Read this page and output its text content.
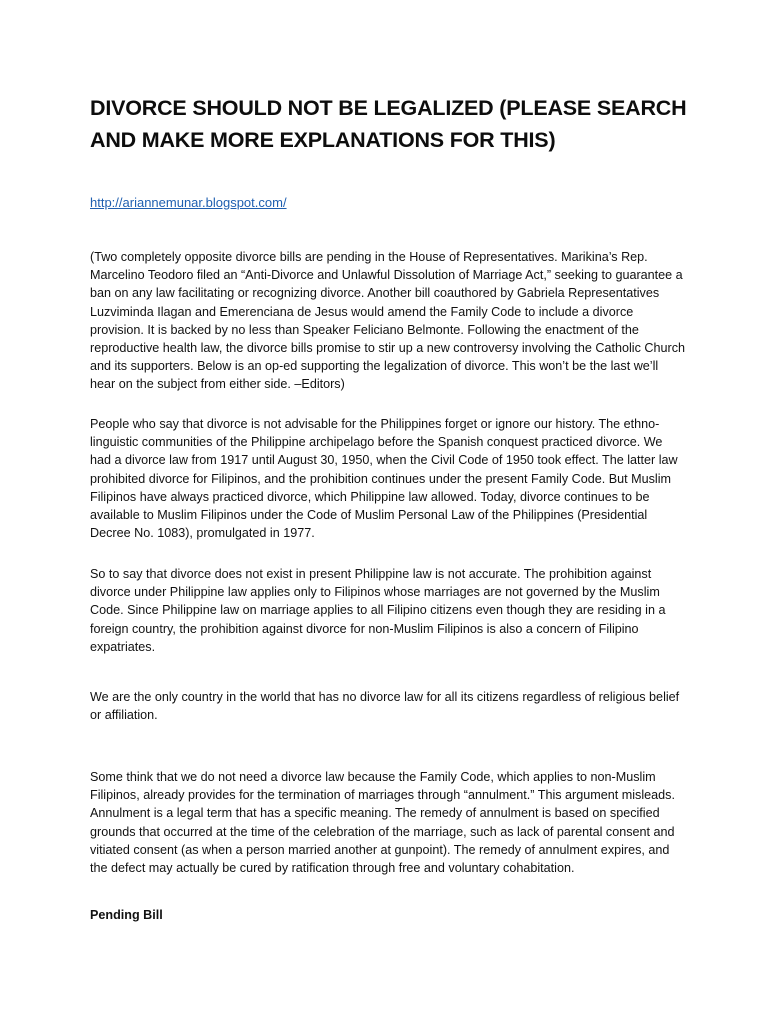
DIVORCE SHOULD NOT BE LEGALIZED (PLEASE SEARCH AND MAKE MORE EXPLANATIONS FOR THIS)
http://ariannemunar.blogspot.com/

(Two completely opposite divorce bills are pending in the House of Representatives. Marikina’s Rep. Marcelino Teodoro filed an “Anti-Divorce and Unlawful Dissolution of Marriage Act,” seeking to guarantee a ban on any law facilitating or recognizing divorce. Another bill coauthored by Gabriela Representatives Luzviminda Ilagan and Emerenciana de Jesus would amend the Family Code to include a divorce provision. It is backed by no less than Speaker Feliciano Belmonte. Following the enactment of the reproductive health law, the divorce bills promise to stir up a new controversy involving the Catholic Church and its supporters. Below is an op-ed supporting the legalization of divorce. This won’t be the last we’ll hear on the subject from either side. –Editors)

People who say that divorce is not advisable for the Philippines forget or ignore our history. The ethno-linguistic communities of the Philippine archipelago before the Spanish conquest practiced divorce. We had a divorce law from 1917 until August 30, 1950, when the Civil Code of 1950 took effect. The latter law prohibited divorce for Filipinos, and the prohibition continues under the present Family Code. But Muslim Filipinos have always practiced divorce, which Philippine law allowed. Today, divorce continues to be available to Muslim Filipinos under the Code of Muslim Personal Law of the Philippines (Presidential Decree No. 1083), promulgated in 1977.

So to say that divorce does not exist in present Philippine law is not accurate. The prohibition against divorce under Philippine law applies only to Filipinos whose marriages are not governed by the Muslim Code. Since Philippine law on marriage applies to all Filipino citizens even though they are residing in a foreign country, the prohibition against divorce for non-Muslim Filipinos is also a concern of Filipino expatriates.

We are the only country in the world that has no divorce law for all its citizens regardless of religious belief or affiliation.

Some think that we do not need a divorce law because the Family Code, which applies to non-Muslim Filipinos, already provides for the termination of marriages through “annulment.” This argument misleads. Annulment is a legal term that has a specific meaning. The remedy of annulment is based on specified grounds that occurred at the time of the celebration of the marriage, such as lack of parental consent and vitiated consent (as when a person married another at gunpoint). The remedy of annulment expires, and the defect may actually be cured by ratification through free and voluntary cohabitation.

Pending Bill
